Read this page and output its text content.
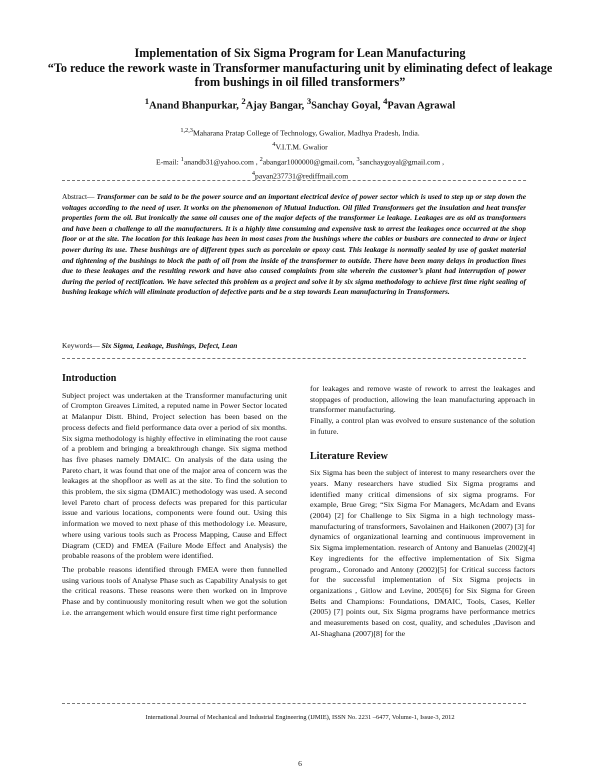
Implementation of Six Sigma Program for Lean Manufacturing
“To reduce the rework waste in Transformer manufacturing unit by eliminating defect of leakage from bushings in oil filled transformers”
$^1$Anand Bhanpurkar, $^2$Ajay Bangar, $^3$Sanchay Goyal, $^4$Pavan Agrawal
$^{1,2,3}$Maharana Pratap College of Technology, Gwalior, Madhya Pradesh, India.
$^4$V.I.T.M. Gwalior
E-mail: $^1$anandb31@yahoo.com , $^2$abangar1000000@gmail.com, $^3$sanchaygoyal@gmail.com ,
$^4$pavan237731@rediffmail.com
Abstract— Transformer can be said to be the power source and an important electrical device of power sector which is used to step up or step down the voltages according to the need of user. It works on the phenomenon of Mutual Induction. Oil filled Transformers get the insulation and heat transfer properties form the oil. But ironically the same oil causes one of the major defects of the transformer i.e leakage. Leakages are as old as transformers and have been a challenge to all the manufacturers. It is a highly time consuming and expensive task to arrest the leakages once occurred at the shop floor or at the site. The location for this leakage has been in most cases from the bushings where the cables or busbars are connected to draw or inject power during its use. These bushings are of different types such as porcelain or epoxy cast. This leakage is normally sealed by use of gasket material and tightening of the bushings to block the path of oil from the inside of the transformer to outside. There have been many delays in production lines due to these leakages and the resulting rework and have also caused complaints from site wherein the customer’s plant had interruption of power during the period of rectification. We have selected this problem as a project and solve it by six sigma methodology to achieve first time right sealing of bushing leakage which will eliminate production of defective parts and be a step towards Lean manufacturing in Transformers.
Keywords— Six Sigma, Leakage, Bushings, Defect, Lean
Introduction

Subject project was undertaken at the Transformer manufacturing unit of Crompton Greaves Limited, a reputed name in Power Sector located at Malanpur Distt. Bhind, Project selection has been based on the process defects and field performance data over a period of six months. Six sigma methodology is highly effective in eliminating the root cause of a problem and bringing a breakthrough change. Six sigma method has five phases namely DMAIC. On analysis of the data using the Pareto chart, it was found that one of the major area of concern was the leakages at the shopfloor as well as at the site. To find the solution to this problem, the six sigma (DMAIC) methodology was used. A second level Pareto chart of process defects was prepared for this particular issue and various locations, components were found out. Using this information we moved to next phase of this methodology i.e. Measure, where using various tools such as Process Mapping, Cause and Effect Diagram (CED) and FMEA (Failure Mode Effect and Analysis) the probable reasons of the problem were identified.

The probable reasons identified through FMEA were then funnelled using various tools of Analyse Phase such as Capability Analysis to get the critical reasons. These reasons were then worked on in Improve Phase and by continuously monitoring result when we got the solution i.e. the arrangement which would ensure first time right performance

for leakages and remove waste of rework to arrest the leakages and stoppages of production, allowing the lean manufacturing approach in transformer manufacturing.

Finally, a control plan was evolved to ensure sustenance of the solution in future.

Literature Review

Six Sigma has been the subject of interest to many researchers over the years. Many researchers have studied Six Sigma programs and identified many critical dimensions of six sigma programs. For example, Brue Greg; “Six Sigma For Managers, McAdam and Evans (2004) [2] for Challenge to Six Sigma in a high technology mass-manufacturing of transformers, Savolainen and Haikonen (2007) [3] for dynamics of organizational learning and continuous improvement in Six Sigma implementation. research of Antony and Banuelas (2002)[4] Key ingredients for the effective implementation of Six Sigma program., Coronado and Antony (2002)[5] for Critical success factors for the successful implementation of Six Sigma projects in organizations , Gitlow and Levine, 2005[6] for Six Sigma for Green Belts and Champions: Foundations, DMAIC, Tools, Cases, Keller (2005) [7] points out, Six Sigma programs have performance metrics and measurements based on cost, quality, and schedules ,Davison and Al-Shaghana (2007)[8] for the

International Journal of Mechanical and Industrial Engineering (IJMIE), ISSN No. 2231 –6477, Volume-1, Issue-3, 2012
6
